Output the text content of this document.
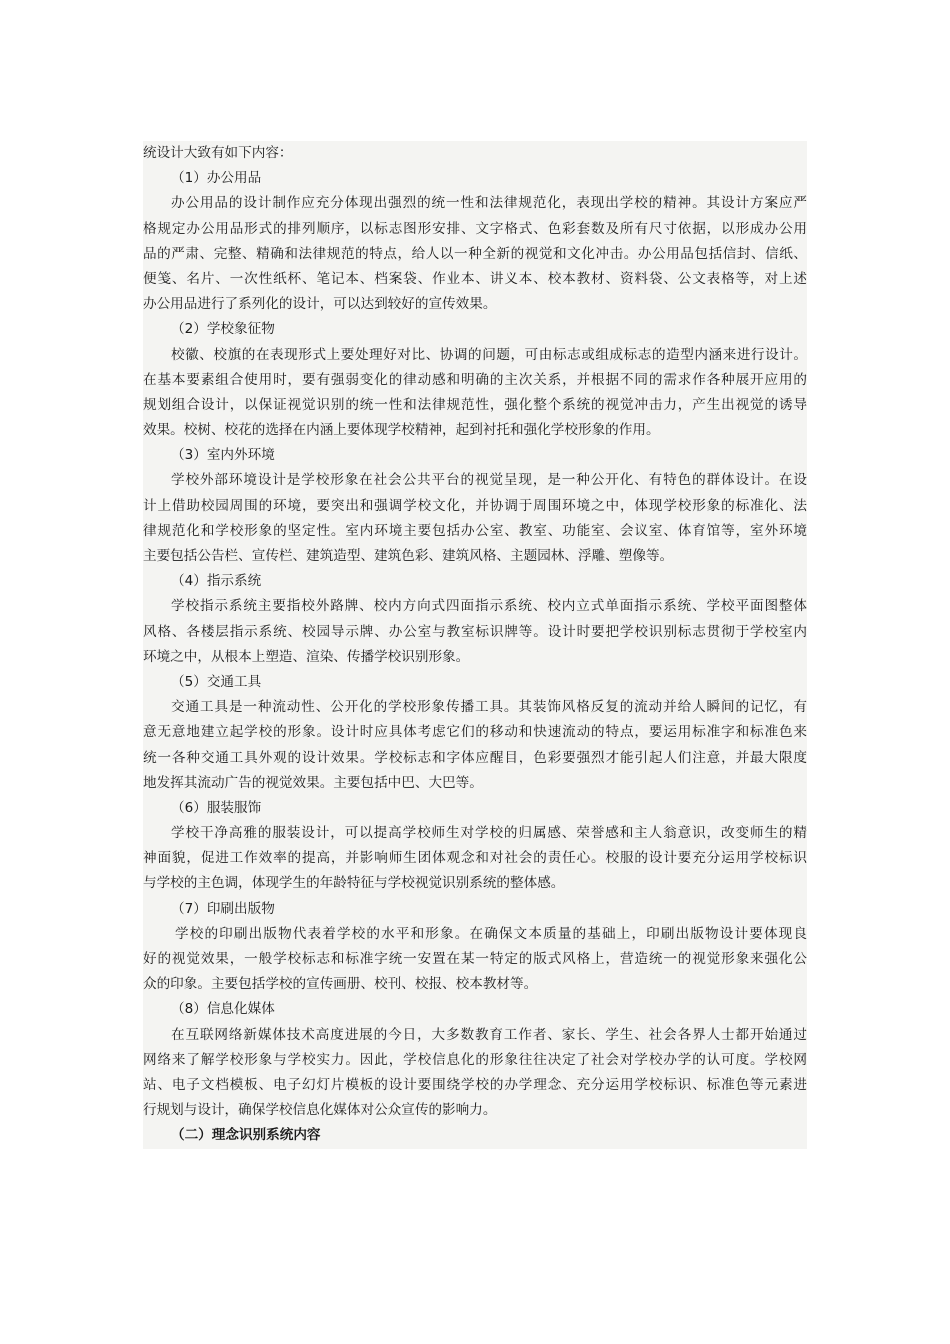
统设计大致有如下内容：
（1）办公用品
办公用品的设计制作应充分体现出强烈的统一性和法律规范化，表现出学校的精神。其设计方案应严
格规定办公用品形式的排列顺序，以标志图形安排、文字格式、色彩套数及所有尺寸依据，以形成办公用
品的严肃、完整、精确和法律规范的特点，给人以一种全新的视觉和文化冲击。办公用品包括信封、信纸、
便笺、名片、一次性纸杯、笔记本、档案袋、作业本、讲义本、校本教材、资料袋、公文表格等，对上述
办公用品进行了系列化的设计，可以达到较好的宣传效果。
（2）学校象征物
校徽、校旗的在表现形式上要处理好对比、协调的问题，可由标志或组成标志的造型内涵来进行设计。
在基本要素组合使用时，要有强弱变化的律动感和明确的主次关系，并根据不同的需求作各种展开应用的
规划组合设计，以保证视觉识别的统一性和法律规范性，强化整个系统的视觉冲击力，产生出视觉的诱导
效果。校树、校花的选择在内涵上要体现学校精神，起到衬托和强化学校形象的作用。
（3）室内外环境
学校外部环境设计是学校形象在社会公共平台的视觉呈现，是一种公开化、有特色的群体设计。在设
计上借助校园周围的环境，要突出和强调学校文化，并协调于周围环境之中，体现学校形象的标准化、法
律规范化和学校形象的坚定性。室内环境主要包括办公室、教室、功能室、会议室、体育馆等，室外环境
主要包括公告栏、宣传栏、建筑造型、建筑色彩、建筑风格、主题园林、浮雕、塑像等。
（4）指示系统
学校指示系统主要指校外路牌、校内方向式四面指示系统、校内立式单面指示系统、学校平面图整体
风格、各楼层指示系统、校园导示牌、办公室与教室标识牌等。设计时要把学校识别标志贯彻于学校室内
环境之中，从根本上塑造、渲染、传播学校识别形象。
（5）交通工具
交通工具是一种流动性、公开化的学校形象传播工具。其装饰风格反复的流动并给人瞬间的记忆，有
意无意地建立起学校的形象。设计时应具体考虑它们的移动和快速流动的特点，要运用标准字和标准色来
统一各种交通工具外观的设计效果。学校标志和字体应醒目，色彩要强烈才能引起人们注意，并最大限度
地发挥其流动广告的视觉效果。主要包括中巴、大巴等。
（6）服装服饰
学校干净高雅的服装设计，可以提高学校师生对学校的归属感、荣誉感和主人翁意识，改变师生的精
神面貌，促进工作效率的提高，并影响师生团体观念和对社会的责任心。校服的设计要充分运用学校标识
与学校的主色调，体现学生的年龄特征与学校视觉识别系统的整体感。
（7）印刷出版物
学校的印刷出版物代表着学校的水平和形象。在确保文本质量的基础上，印刷出版物设计要体现良
好的视觉效果，一般学校标志和标准字统一安置在某一特定的版式风格上，营造统一的视觉形象来强化公
众的印象。主要包括学校的宣传画册、校刊、校报、校本教材等。
（8）信息化媒体
在互联网络新媒体技术高度进展的今日，大多数教育工作者、家长、学生、社会各界人士都开始通过
网络来了解学校形象与学校实力。因此，学校信息化的形象往往决定了社会对学校办学的认可度。学校网
站、电子文档模板、电子幻灯片模板的设计要围绕学校的办学理念、充分运用学校标识、标准色等元素进
行规划与设计，确保学校信息化媒体对公众宣传的影响力。
（二）理念识别系统内容
